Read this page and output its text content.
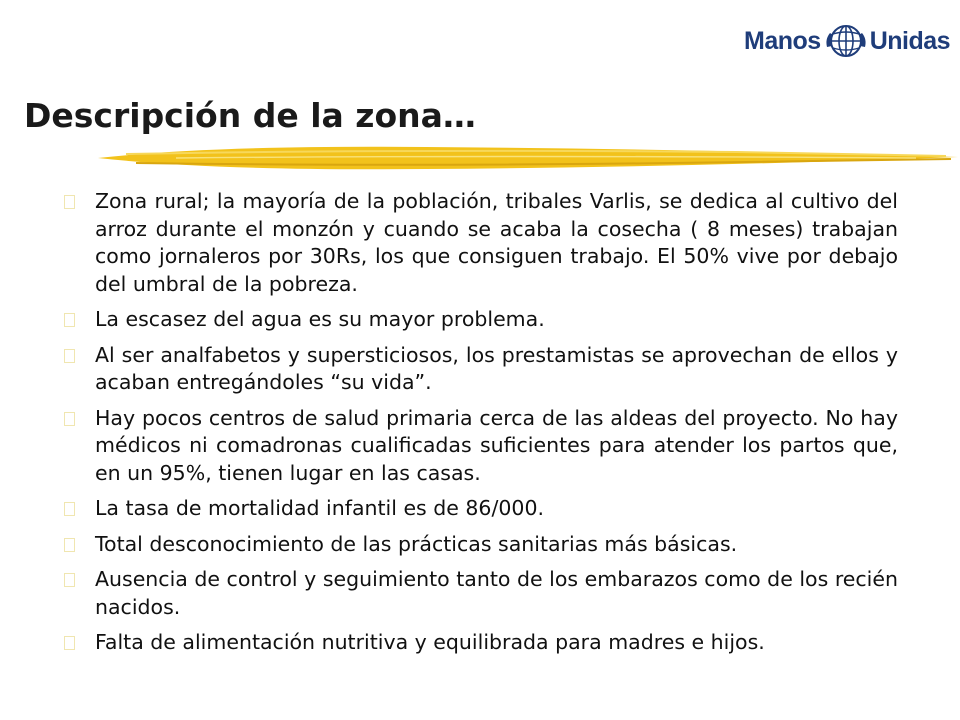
Manos Unidas
Descripción de la zona…
Zona rural; la mayoría de la población, tribales Varlis, se dedica al cultivo del arroz durante el monzón y cuando se acaba la cosecha ( 8 meses) trabajan como jornaleros por 30Rs, los que consiguen trabajo. El 50% vive por debajo del umbral de la pobreza.
La escasez del agua es su mayor problema.
Al ser analfabetos y supersticiosos, los prestamistas se aprovechan de ellos y acaban entregándoles “su vida”.
Hay pocos centros de salud primaria cerca de las aldeas del proyecto. No hay médicos ni comadronas cualificadas suficientes para atender los partos que, en un 95%, tienen lugar en las casas.
La tasa de mortalidad infantil es de 86/000.
Total desconocimiento de las prácticas sanitarias más básicas.
Ausencia de control y seguimiento tanto de los embarazos como de los recién nacidos.
Falta de alimentación nutritiva y equilibrada para madres e hijos.
